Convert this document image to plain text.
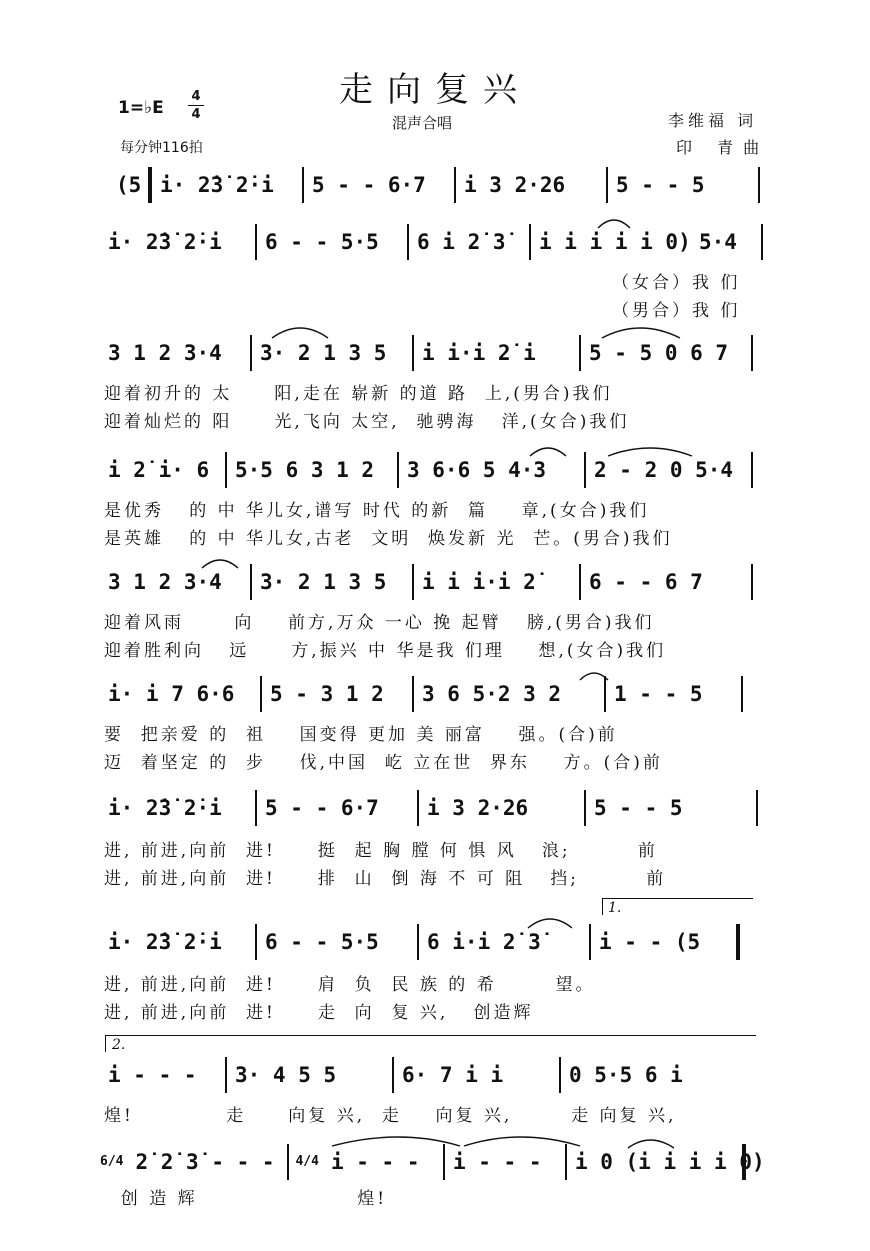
走向复兴
混声合唱
1=♭E
4
4
每分钟116拍
李维福 词
印 青曲
(5 i· 2̇3̇ 2̇·i	5 - - 6·7	i 3 2·26	5 - - 5
i· 2̇3̇ 2̇·i	6 - - 5·5	6 i 2̇ 3̇	i i i i i 0) 5·4
（女合）我 们
（男合）我 们
3 1 2 3·4	3· 2 1 3 5	i i·i 2̇ i	5 - 5 0 6 7
迎着初升的 太     阳,走在 崭新 的道 路  上,(男合)我们
迎着灿烂的 阳     光,飞向 太空,  驰骋海   洋,(女合)我们
i 2̇ i· 6	5·5 6 3 1 2	3 6·6 5 4·3	2 - 2 0 5·4
是优秀   的 中 华儿女,谱写 时代 的新  篇    章,(女合)我们
是英雄   的 中 华儿女,古老  文明  焕发新 光  芒。(男合)我们
3 1 2 3·4	3· 2 1 3 5	i i i·i 2̇	6 - - 6 7
迎着风雨      向    前方,万众 一心 挽 起臂   膀,(男合)我们
迎着胜利向   远     方,振兴 中 华是我 们理    想,(女合)我们
i· i 7 6·6	5 - 3 1 2	3 6 5·2 3 2	1 - - 5
要  把亲爱 的  祖    国变得 更加 美 丽富    强。(合)前
迈  着坚定 的  步    伐,中国  屹 立在世  界东    方。(合)前
i· 2̇3̇ 2̇·i	5 - - 6·7	i 3 2·26	5 - - 5
进, 前进,向前  进!     挺  起 胸 膛 何 惧 风   浪;        前
进, 前进,向前  进!     排  山  倒 海 不 可 阻   挡;        前
1.
i· 2̇3̇ 2̇·i	6 - - 5·5	6 i·i 2̇ 3̇	i - - (5
进, 前进,向前  进!     肩  负  民 族 的 希       望。
进, 前进,向前  进!     走  向  复 兴,   创造辉
2.
i - - -	3· 4 5 5	6· 7 i i	0 5·5 6 i
煌!           走     向复 兴,  走    向复 兴,       走 向复 兴,
6/4 2̇ 2̇ 3̇ - - -	4/4 i - - -	i - - -	i 0 (i i i i 0)
创 造 辉                   煌!
